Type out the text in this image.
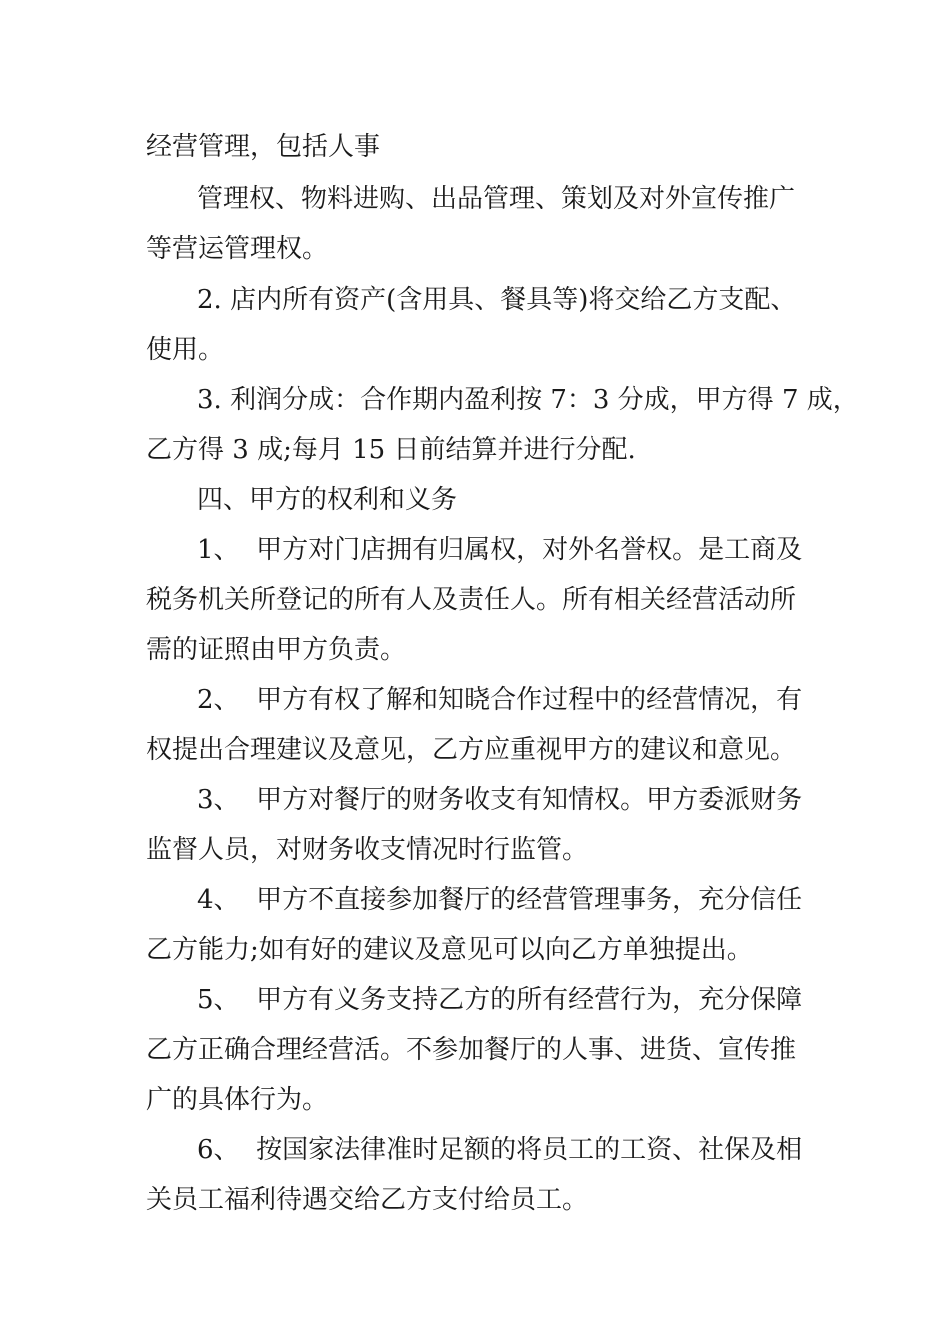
经营管理，包括人事
管理权、物料进购、出品管理、策划及对外宣传推广
等营运管理权。
2. 店内所有资产(含用具、餐具等)将交给乙方支配、
使用。
3. 利润分成：合作期内盈利按 7：3 分成，甲方得 7 成，
乙方得 3 成;每月 15 日前结算并进行分配.
四、甲方的权利和义务
1、  甲方对门店拥有归属权，对外名誉权。是工商及
税务机关所登记的所有人及责任人。所有相关经营活动所
需的证照由甲方负责。
2、  甲方有权了解和知晓合作过程中的经营情况，有
权提出合理建议及意见，乙方应重视甲方的建议和意见。
3、  甲方对餐厅的财务收支有知情权。甲方委派财务
监督人员，对财务收支情况时行监管。
4、  甲方不直接参加餐厅的经营管理事务，充分信任
乙方能力;如有好的建议及意见可以向乙方单独提出。
5、  甲方有义务支持乙方的所有经营行为，充分保障
乙方正确合理经营活。不参加餐厅的人事、进货、宣传推
广的具体行为。
6、  按国家法律准时足额的将员工的工资、社保及相
关员工福利待遇交给乙方支付给员工。
